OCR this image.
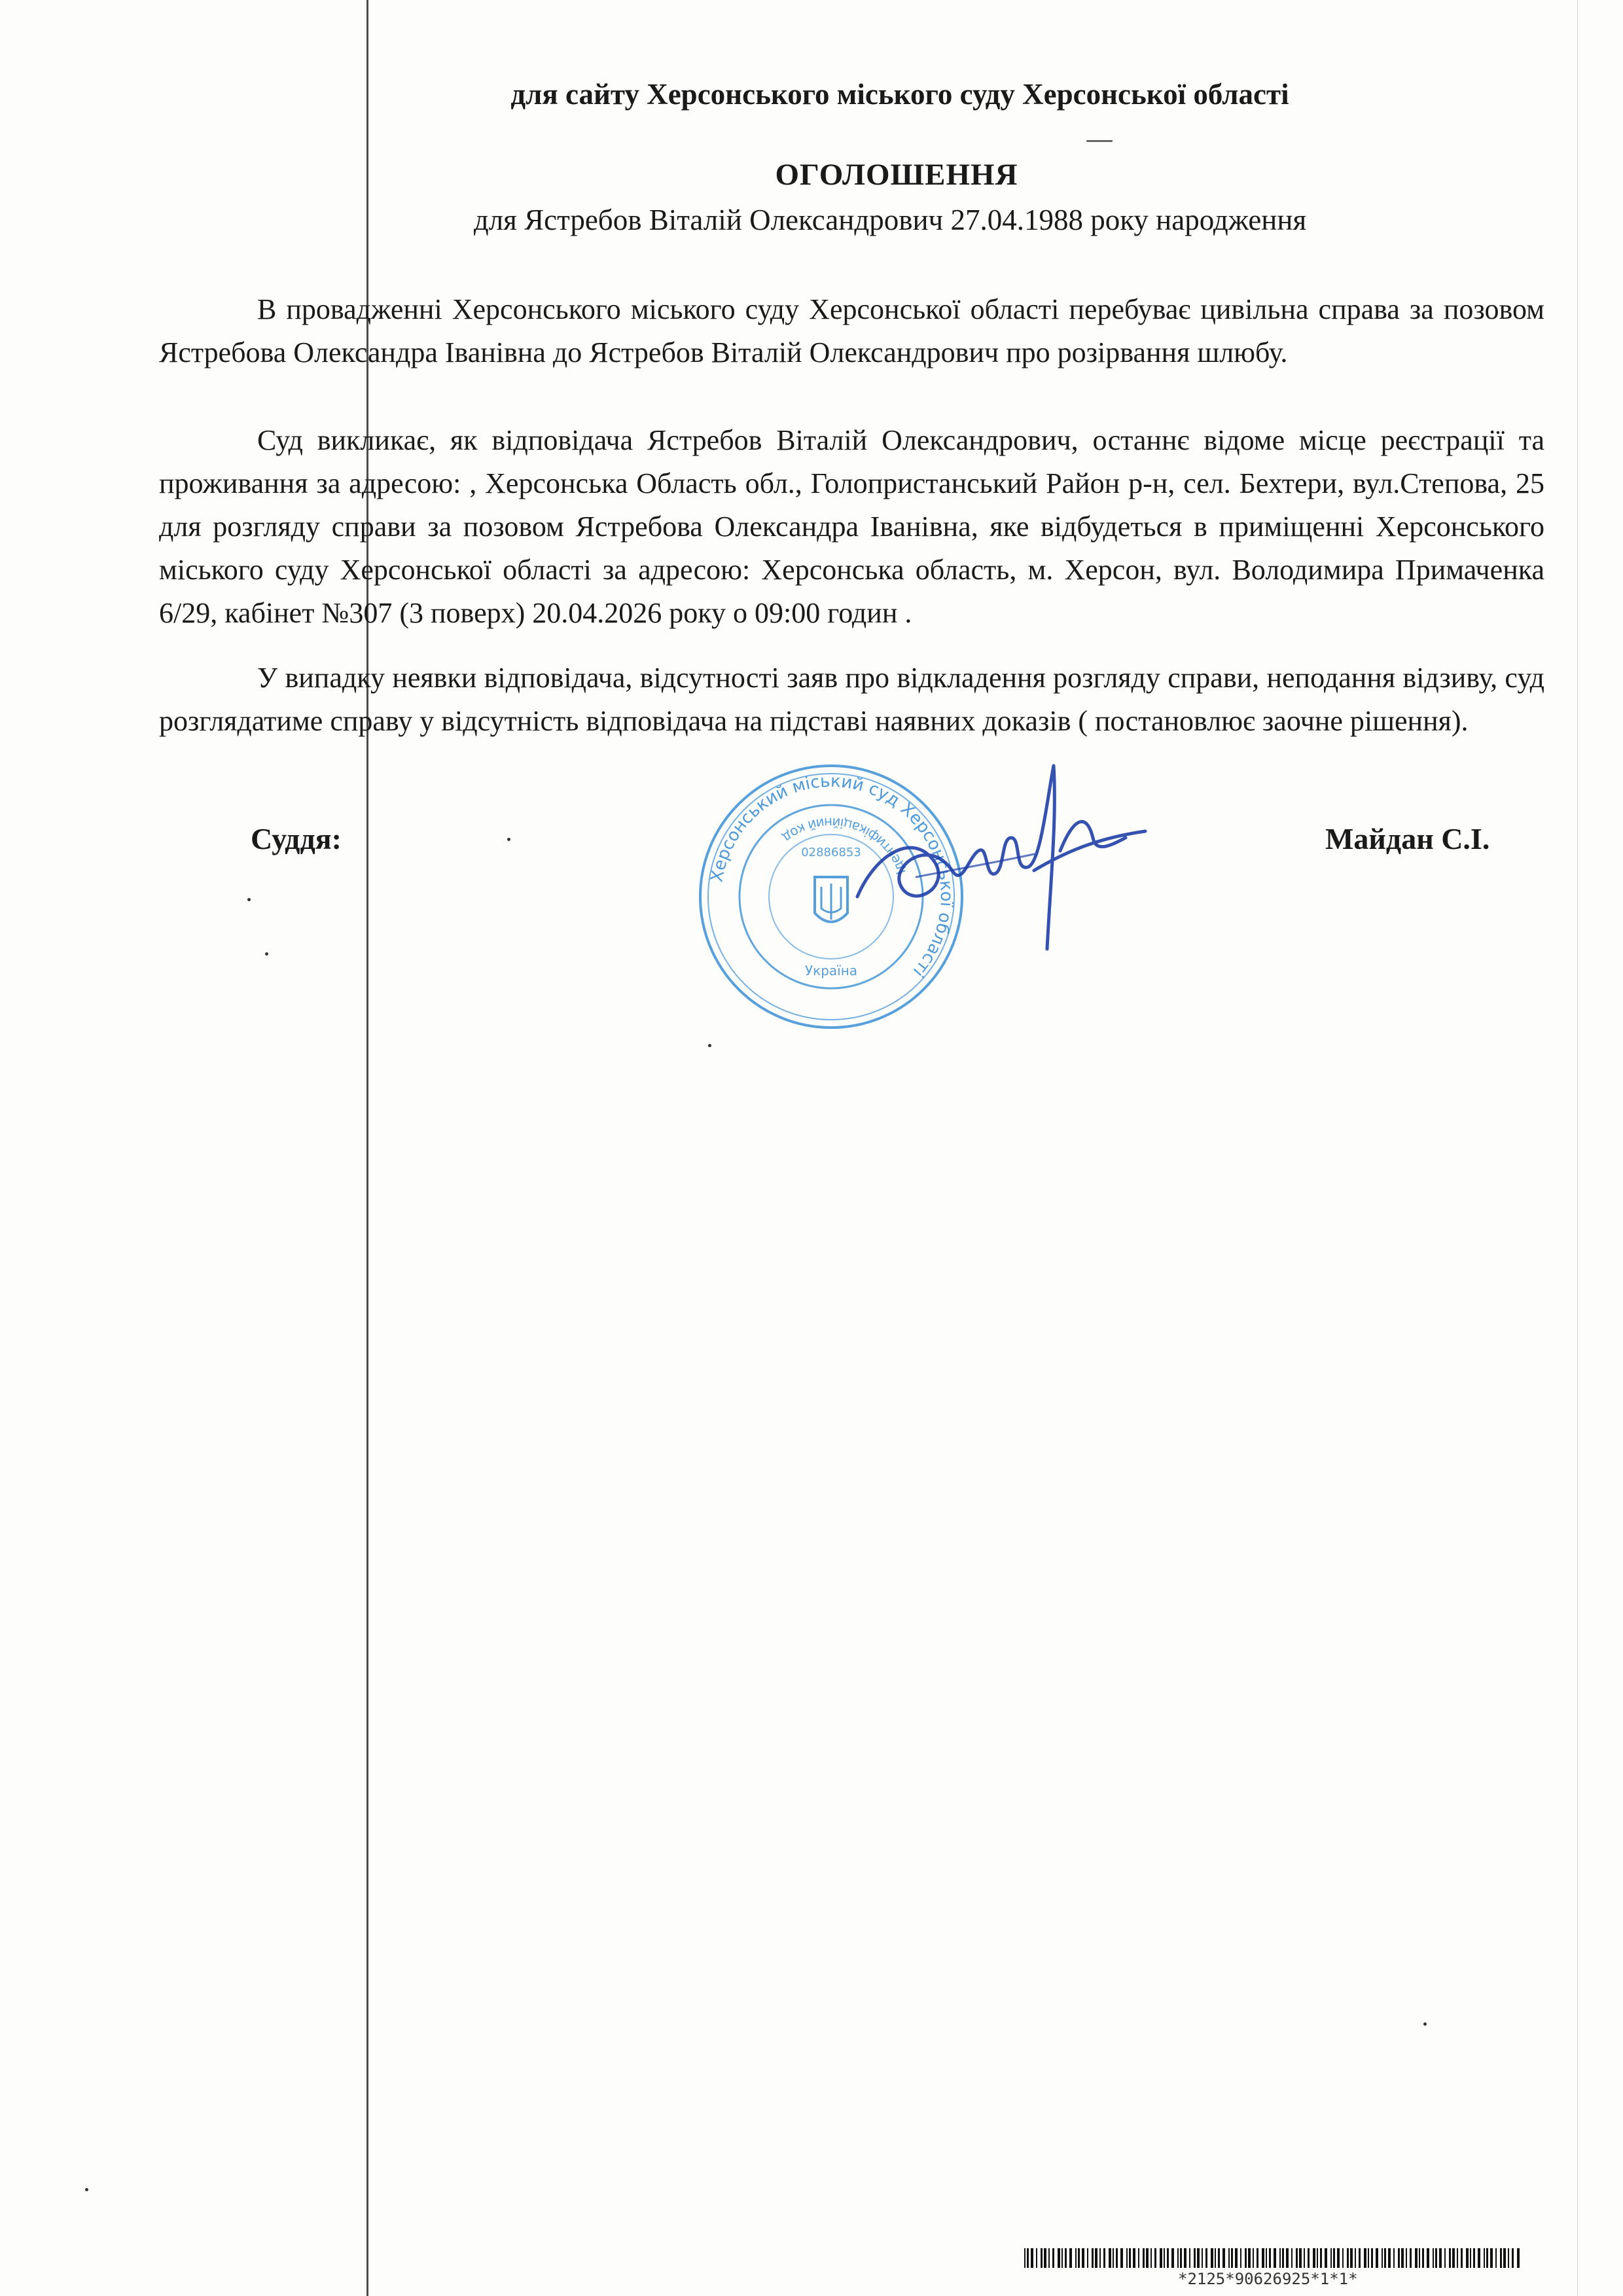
для сайту Херсонського міського суду Херсонської області
ОГОЛОШЕННЯ
для Ястребов Віталій Олександрович 27.04.1988 року народження
В провадженні Херсонського міського суду Херсонської області перебуває цивільна справа за позовом Ястребова Олександра Іванівна до Ястребов Віталій Олександрович про розірвання шлюбу.
Суд викликає, як відповідача Ястребов Віталій Олександрович, останнє відоме місце реєстрації та проживання за адресою: , Херсонська Область обл., Голопристанський Район р-н, сел. Бехтери, вул.Степова, 25 для розгляду справи за позовом Ястребова Олександра Іванівна, яке відбудеться в приміщенні Херсонського міського суду Херсонської області за адресою: Херсонська область, м. Херсон, вул. Володимира Примаченка 6/29, кабінет №307 (3 поверх) 20.04.2026 року о 09:00 годин .
У випадку неявки відповідача, відсутності заяв про відкладення розгляду справи, неподання відзиву, суд розглядатиме справу у відсутність відповідача на підставі наявних доказів ( постановлює заочне рішення).
Суддя:	Майдан С.І.
Херсонський міський суд Херсонської області
Ідентифікаційний код
02886853
Україна
*2125*90626925*1*1*
